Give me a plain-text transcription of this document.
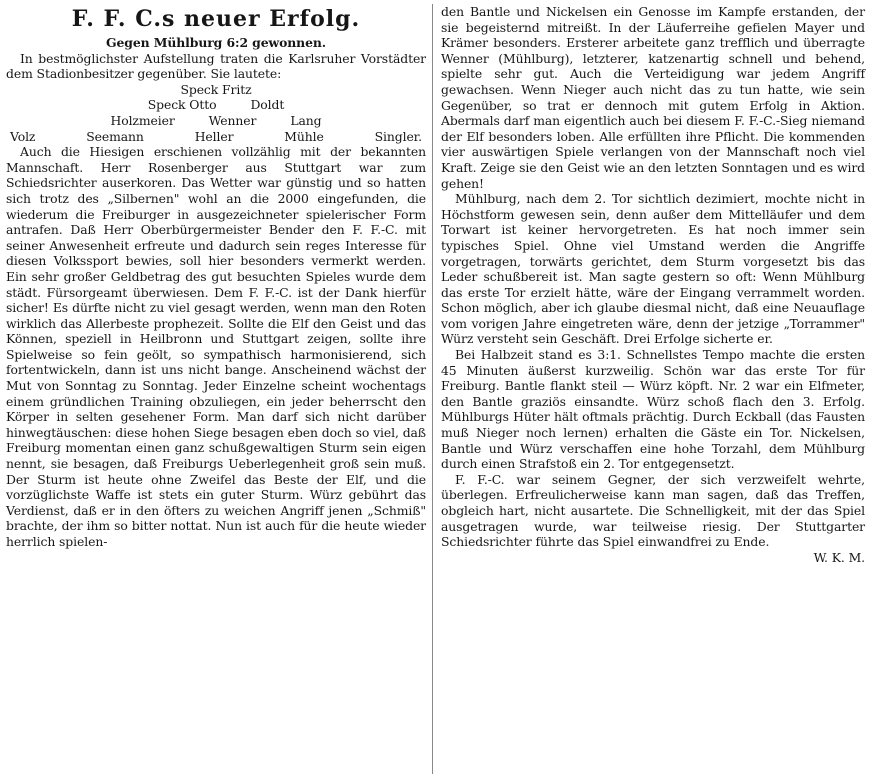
F. F. C.s neuer Erfolg.
Gegen Mühlburg 6:2 gewonnen.

In bestmöglichster Aufstellung traten die Karlsruher Vorstädter dem Stadionbesitzer gegenüber. Sie lautete:

Speck Fritz
Speck Otto	Doldt
Holzmeier	Wenner	Lang
Volz	Seemann	Heller	Mühle	Singler.

Auch die Hiesigen erschienen vollzählig mit der bekannten Mannschaft. Herr Rosenberger aus Stuttgart war zum Schiedsrichter auserkoren. Das Wetter war günstig und so hatten sich trotz des „Silbernen" wohl an die 2000 eingefunden, die wiederum die Freiburger in ausgezeichneter spielerischer Form antrafen. Daß Herr Oberbürgermeister Bender den F. F.-C. mit seiner Anwesenheit erfreute und dadurch sein reges Interesse für diesen Volkssport bewies, soll hier besonders vermerkt werden. Ein sehr großer Geldbetrag des gut besuchten Spieles wurde dem städt. Fürsorgeamt überwiesen. Dem F. F.-C. ist der Dank hierfür sicher! Es dürfte nicht zu viel gesagt werden, wenn man den Roten wirklich das Allerbeste prophezeit. Sollte die Elf den Geist und das Können, speziell in Heilbronn und Stuttgart zeigen, sollte ihre Spielweise so fein geölt, so sympathisch harmonisierend, sich fortentwickeln, dann ist uns nicht bange. Anscheinend wächst der Mut von Sonntag zu Sonntag. Jeder Einzelne scheint wochentags einem gründlichen Training obzuliegen, ein jeder beherrscht den Körper in selten gesehener Form. Man darf sich nicht darüber hinwegtäuschen: diese hohen Siege besagen eben doch so viel, daß Freiburg momentan einen ganz schußgewaltigen Sturm sein eigen nennt, sie besagen, daß Freiburgs Ueberlegenheit groß sein muß. Der Sturm ist heute ohne Zweifel das Beste der Elf, und die vorzüglichste Waffe ist stets ein guter Sturm. Würz gebührt das Verdienst, daß er in den öfters zu weichen Angriff jenen „Schmiß" brachte, der ihm so bitter nottat. Nun ist auch für die heute wieder herrlich spielen-

den Bantle und Nickelsen ein Genosse im Kampfe erstanden, der sie begeisternd mitreißt. In der Läuferreihe gefielen Mayer und Krämer besonders. Ersterer arbeitete ganz trefflich und überragte Wenner (Mühlburg), letzterer, katzenartig schnell und behend, spielte sehr gut. Auch die Verteidigung war jedem Angriff gewachsen. Wenn Nieger auch nicht das zu tun hatte, wie sein Gegenüber, so trat er dennoch mit gutem Erfolg in Aktion. Abermals darf man eigentlich auch bei diesem F. F.-C.-Sieg niemand der Elf besonders loben. Alle erfüllten ihre Pflicht. Die kommenden vier auswärtigen Spiele verlangen von der Mannschaft noch viel Kraft. Zeige sie den Geist wie an den letzten Sonntagen und es wird gehen!

Mühlburg, nach dem 2. Tor sichtlich dezimiert, mochte nicht in Höchstform gewesen sein, denn außer dem Mittelläufer und dem Torwart ist keiner hervorgetreten. Es hat noch immer sein typisches Spiel. Ohne viel Umstand werden die Angriffe vorgetragen, torwärts gerichtet, dem Sturm vorgesetzt bis das Leder schußbereit ist. Man sagte gestern so oft: Wenn Mühlburg das erste Tor erzielt hätte, wäre der Eingang verrammelt worden. Schon möglich, aber ich glaube diesmal nicht, daß eine Neuauflage vom vorigen Jahre eingetreten wäre, denn der jetzige „Torrammer" Würz versteht sein Geschäft. Drei Erfolge sicherte er.

Bei Halbzeit stand es 3:1. Schnellstes Tempo machte die ersten 45 Minuten äußerst kurzweilig. Schön war das erste Tor für Freiburg. Bantle flankt steil — Würz köpft. Nr. 2 war ein Elfmeter, den Bantle graziös einsandte. Würz schoß flach den 3. Erfolg. Mühlburgs Hüter hält oftmals prächtig. Durch Eckball (das Fausten muß Nieger noch lernen) erhalten die Gäste ein Tor. Nickelsen, Bantle und Würz verschaffen eine hohe Torzahl, dem Mühlburg durch einen Strafstoß ein 2. Tor entgegensetzt.

F. F.-C. war seinem Gegner, der sich verzweifelt wehrte, überlegen. Erfreulicherweise kann man sagen, daß das Treffen, obgleich hart, nicht ausartete. Die Schnelligkeit, mit der das Spiel ausgetragen wurde, war teilweise riesig. Der Stuttgarter Schiedsrichter führte das Spiel einwandfrei zu Ende.

W. K. M.
